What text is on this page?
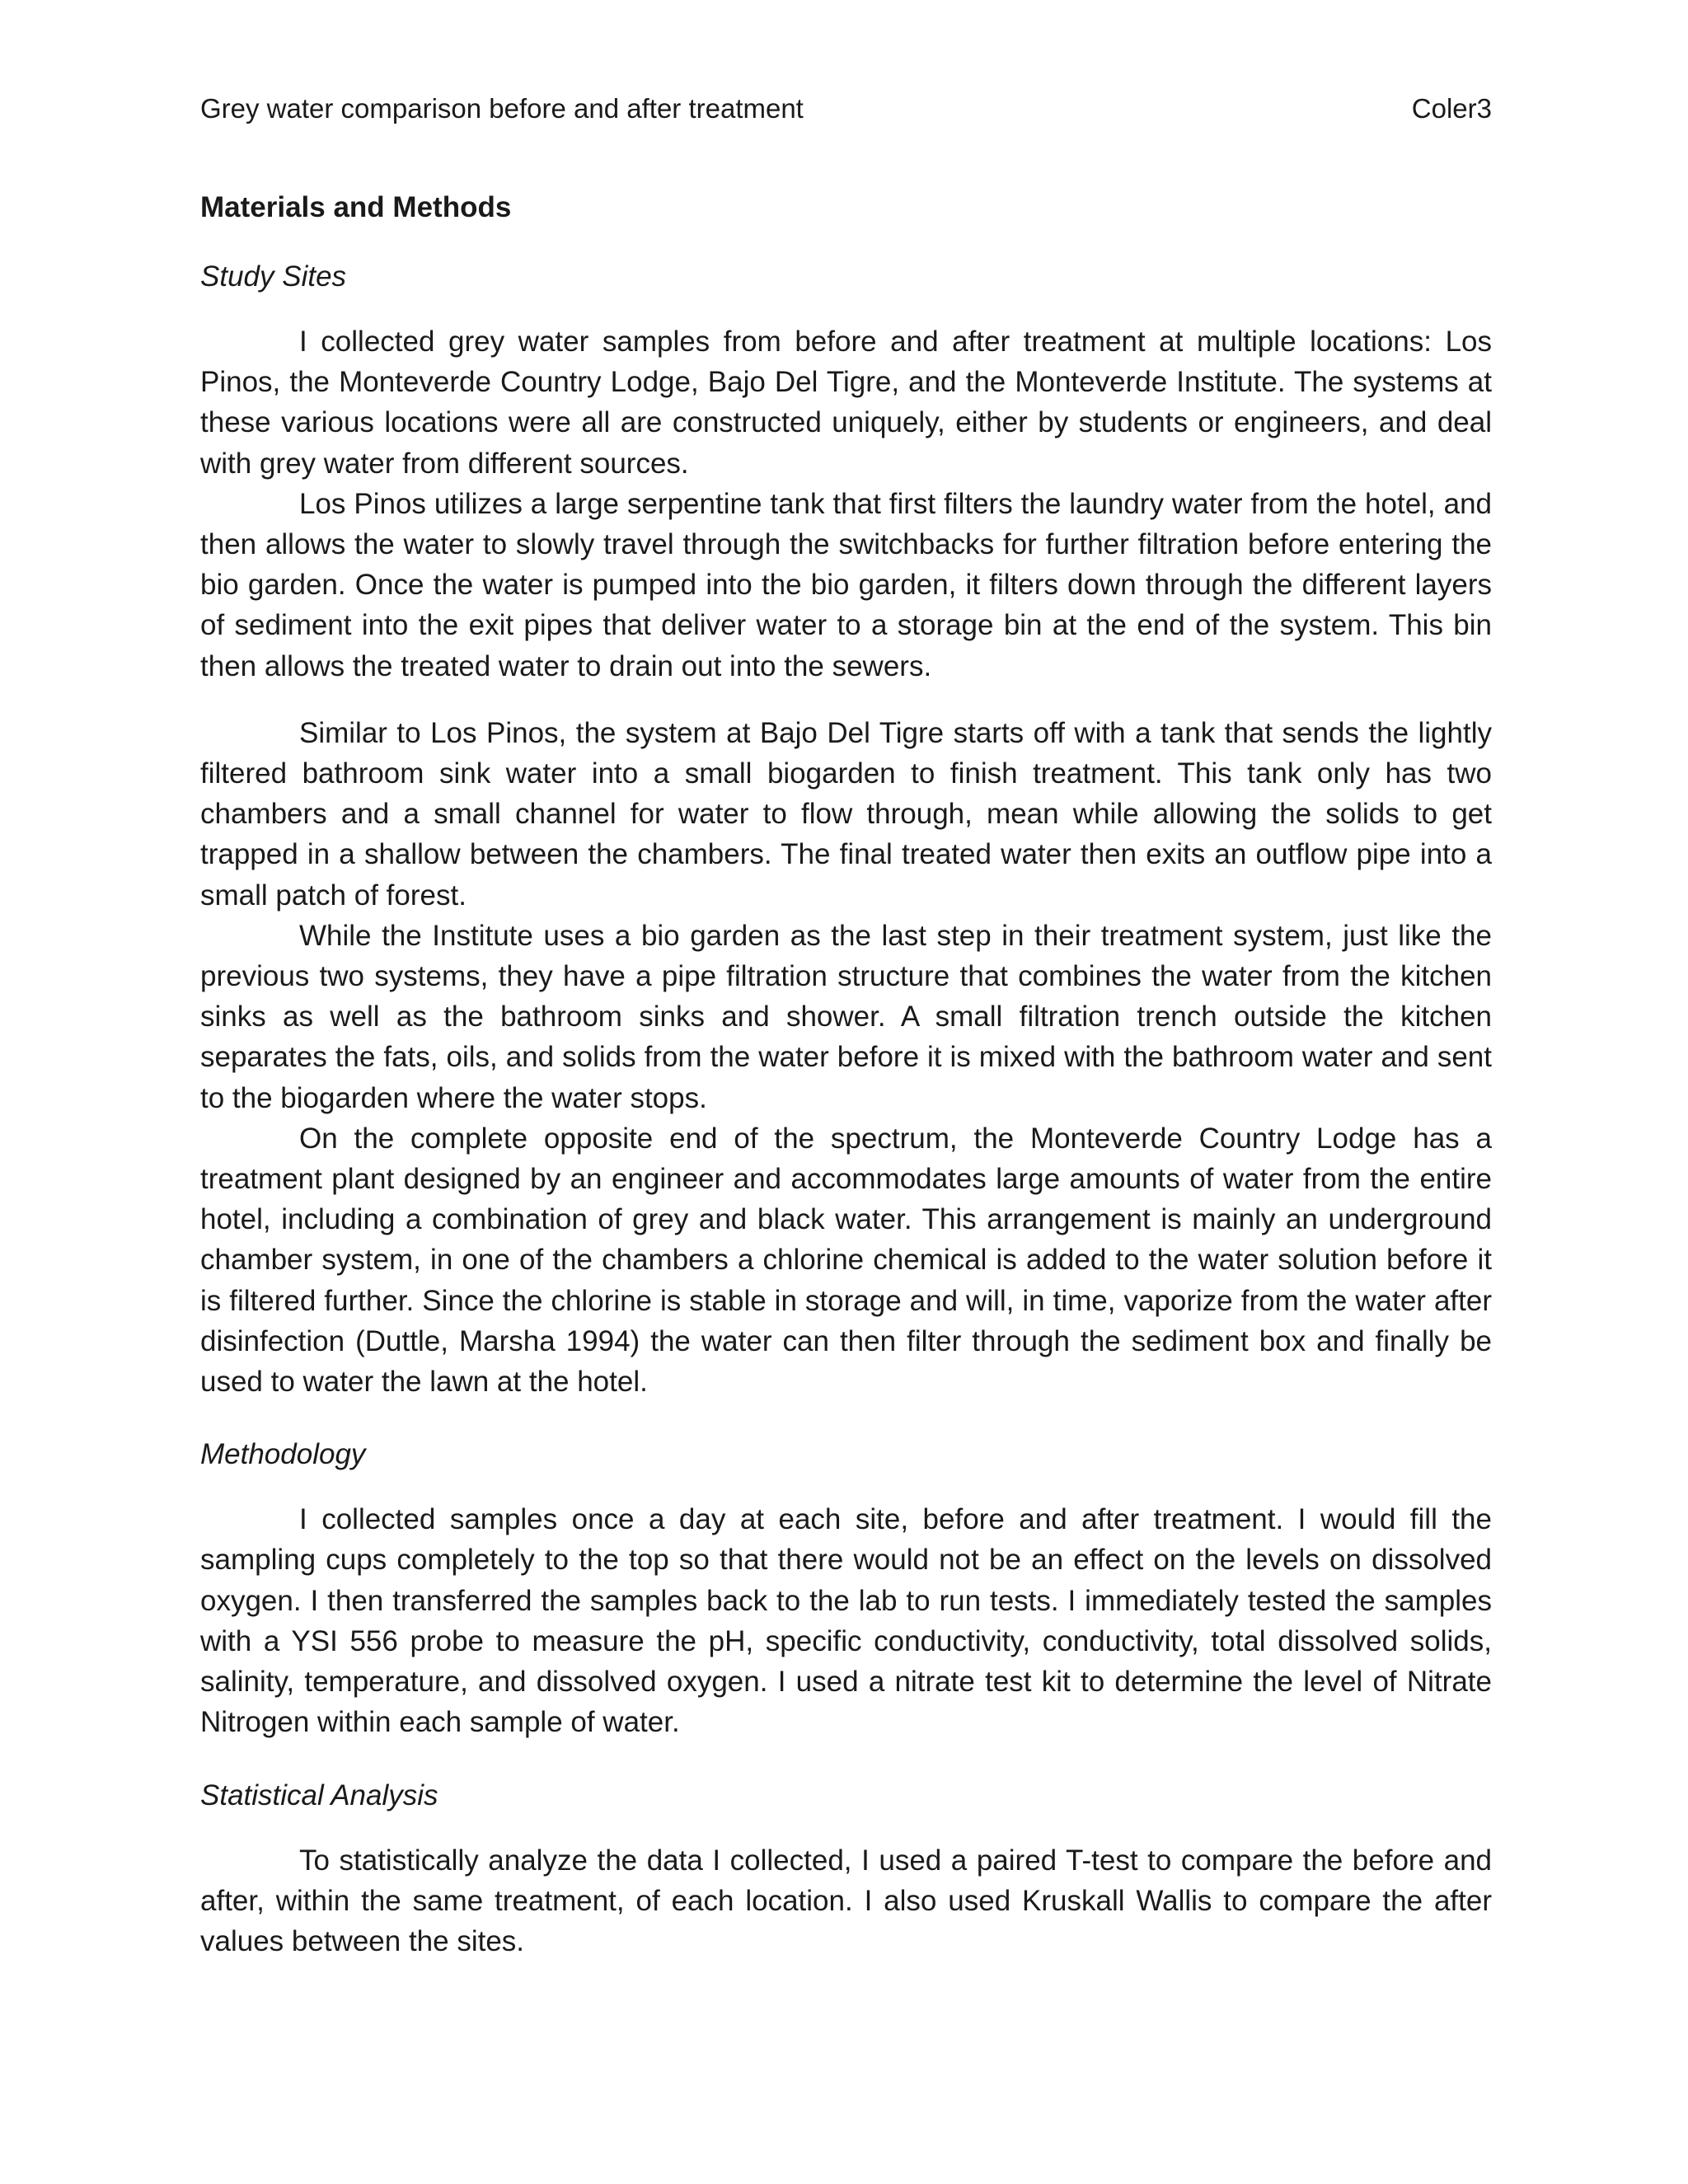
Grey water comparison before and after treatment	Coler3
Materials and Methods
Study Sites

I collected grey water samples from before and after treatment at multiple locations: Los Pinos, the Monteverde Country Lodge, Bajo Del Tigre, and the Monteverde Institute. The systems at these various locations were all are constructed uniquely, either by students or engineers, and deal with grey water from different sources.

Los Pinos utilizes a large serpentine tank that first filters the laundry water from the hotel, and then allows the water to slowly travel through the switchbacks for further filtration before entering the bio garden. Once the water is pumped into the bio garden, it filters down through the different layers of sediment into the exit pipes that deliver water to a storage bin at the end of the system. This bin then allows the treated water to drain out into the sewers.

Similar to Los Pinos, the system at Bajo Del Tigre starts off with a tank that sends the lightly filtered bathroom sink water into a small biogarden to finish treatment. This tank only has two chambers and a small channel for water to flow through, mean while allowing the solids to get trapped in a shallow between the chambers. The final treated water then exits an outflow pipe into a small patch of forest.

While the Institute uses a bio garden as the last step in their treatment system, just like the previous two systems, they have a pipe filtration structure that combines the water from the kitchen sinks as well as the bathroom sinks and shower. A small filtration trench outside the kitchen separates the fats, oils, and solids from the water before it is mixed with the bathroom water and sent to the biogarden where the water stops.

On the complete opposite end of the spectrum, the Monteverde Country Lodge has a treatment plant designed by an engineer and accommodates large amounts of water from the entire hotel, including a combination of grey and black water. This arrangement is mainly an underground chamber system, in one of the chambers a chlorine chemical is added to the water solution before it is filtered further. Since the chlorine is stable in storage and will, in time, vaporize from the water after disinfection (Duttle, Marsha 1994) the water can then filter through the sediment box and finally be used to water the lawn at the hotel.

Methodology

I collected samples once a day at each site, before and after treatment. I would fill the sampling cups completely to the top so that there would not be an effect on the levels on dissolved oxygen. I then transferred the samples back to the lab to run tests. I immediately tested the samples with a YSI 556 probe to measure the pH, specific conductivity, conductivity, total dissolved solids, salinity, temperature, and dissolved oxygen. I used a nitrate test kit to determine the level of Nitrate Nitrogen within each sample of water.

Statistical Analysis

To statistically analyze the data I collected, I used a paired T-test to compare the before and after, within the same treatment, of each location. I also used Kruskall Wallis to compare the after values between the sites.
